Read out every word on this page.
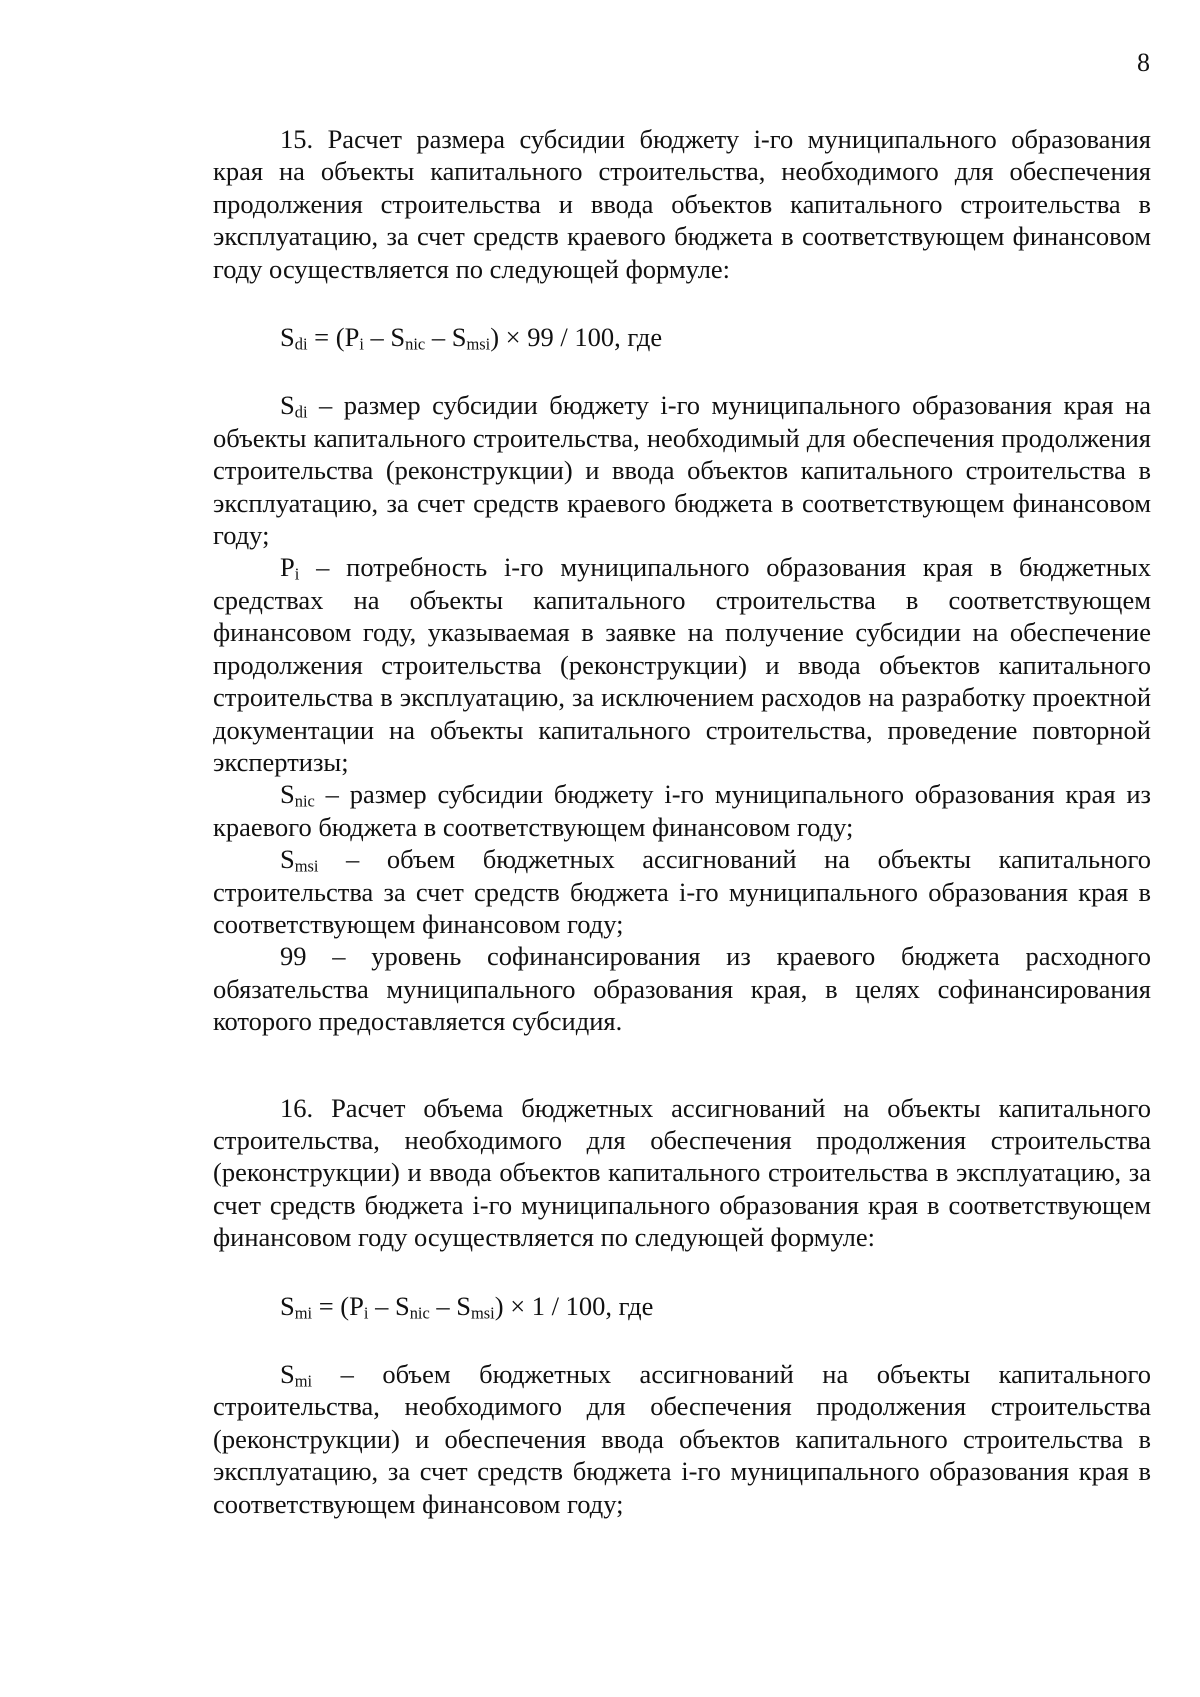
8

15. Расчет размера субсидии бюджету i-го муниципального образования края на объекты капитального строительства, необходимого для обеспечения продолжения строительства и ввода объектов капитального строительства в эксплуатацию, за счет средств краевого бюджета в соответствующем финансовом году осуществляется по следующей формуле:

$S_{di} = (P_i - S_{nic} - S_{msi}) \times 99 / 100$, где

$S_{di}$ – размер субсидии бюджету i-го муниципального образования края на объекты капитального строительства, необходимый для обеспечения продолжения строительства (реконструкции) и ввода объектов капитального строительства в эксплуатацию, за счет средств краевого бюджета в соответствующем финансовом году;

$P_i$ – потребность i-го муниципального образования края в бюджетных средствах на объекты капитального строительства в соответствующем финансовом году, указываемая в заявке на получение субсидии на обеспечение продолжения строительства (реконструкции) и ввода объектов капитального строительства в эксплуатацию, за исключением расходов на разработку проектной документации на объекты капитального строительства, проведение повторной экспертизы;

$S_{nic}$ – размер субсидии бюджету i-го муниципального образования края из краевого бюджета в соответствующем финансовом году;

$S_{msi}$ – объем бюджетных ассигнований на объекты капитального строительства за счет средств бюджета i-го муниципального образования края в соответствующем финансовом году;

99 – уровень софинансирования из краевого бюджета расходного обязательства муниципального образования края, в целях софинансирования которого предоставляется субсидия.

16. Расчет объема бюджетных ассигнований на объекты капитального строительства, необходимого для обеспечения продолжения строительства (реконструкции) и ввода объектов капитального строительства в эксплуатацию, за счет средств бюджета i-го муниципального образования края в соответствующем финансовом году осуществляется по следующей формуле:

$S_{mi} = (P_i - S_{nic} - S_{msi}) \times 1 / 100$, где

$S_{mi}$ – объем бюджетных ассигнований на объекты капитального строительства, необходимого для обеспечения продолжения строительства (реконструкции) и обеспечения ввода объектов капитального строительства в эксплуатацию, за счет средств бюджета i-го муниципального образования края в соответствующем финансовом году;
